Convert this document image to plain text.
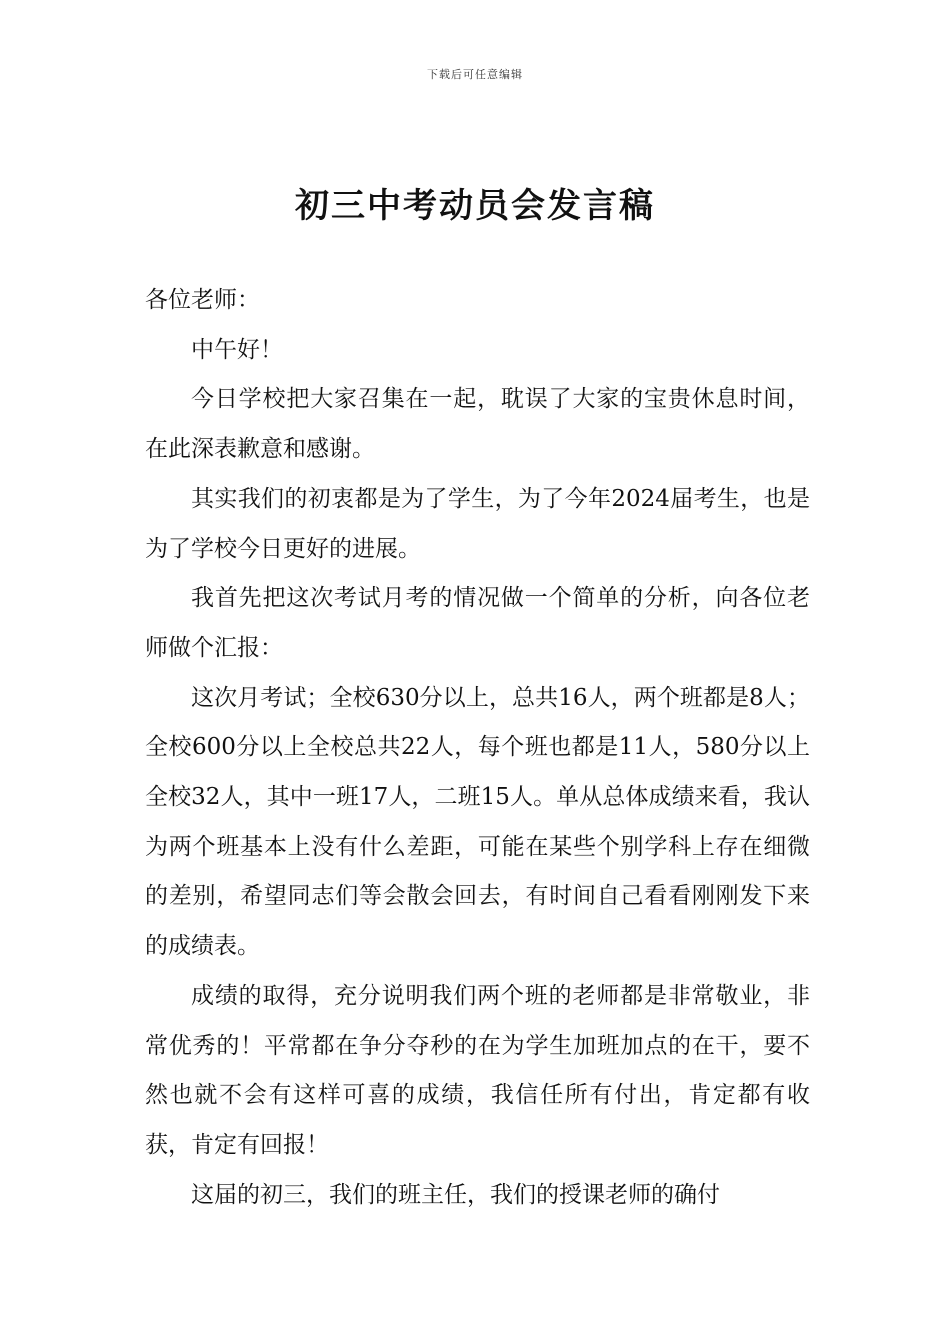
下载后可任意编辑
初三中考动员会发言稿

各位老师：

中午好！

今日学校把大家召集在一起，耽误了大家的宝贵休息时间，在此深表歉意和感谢。

其实我们的初衷都是为了学生，为了今年2024届考生，也是为了学校今日更好的进展。

我首先把这次考试月考的情况做一个简单的分析，向各位老师做个汇报：

这次月考试；全校630分以上，总共16人，两个班都是8人；全校600分以上全校总共22人，每个班也都是11人，580分以上全校32人，其中一班17人，二班15人。单从总体成绩来看，我认为两个班基本上没有什么差距，可能在某些个别学科上存在细微的差别，希望同志们等会散会回去，有时间自己看看刚刚发下来的成绩表。

成绩的取得，充分说明我们两个班的老师都是非常敬业，非常优秀的！平常都在争分夺秒的在为学生加班加点的在干，要不然也就不会有这样可喜的成绩，我信任所有付出，肯定都有收获，肯定有回报！

这届的初三，我们的班主任，我们的授课老师的确付
